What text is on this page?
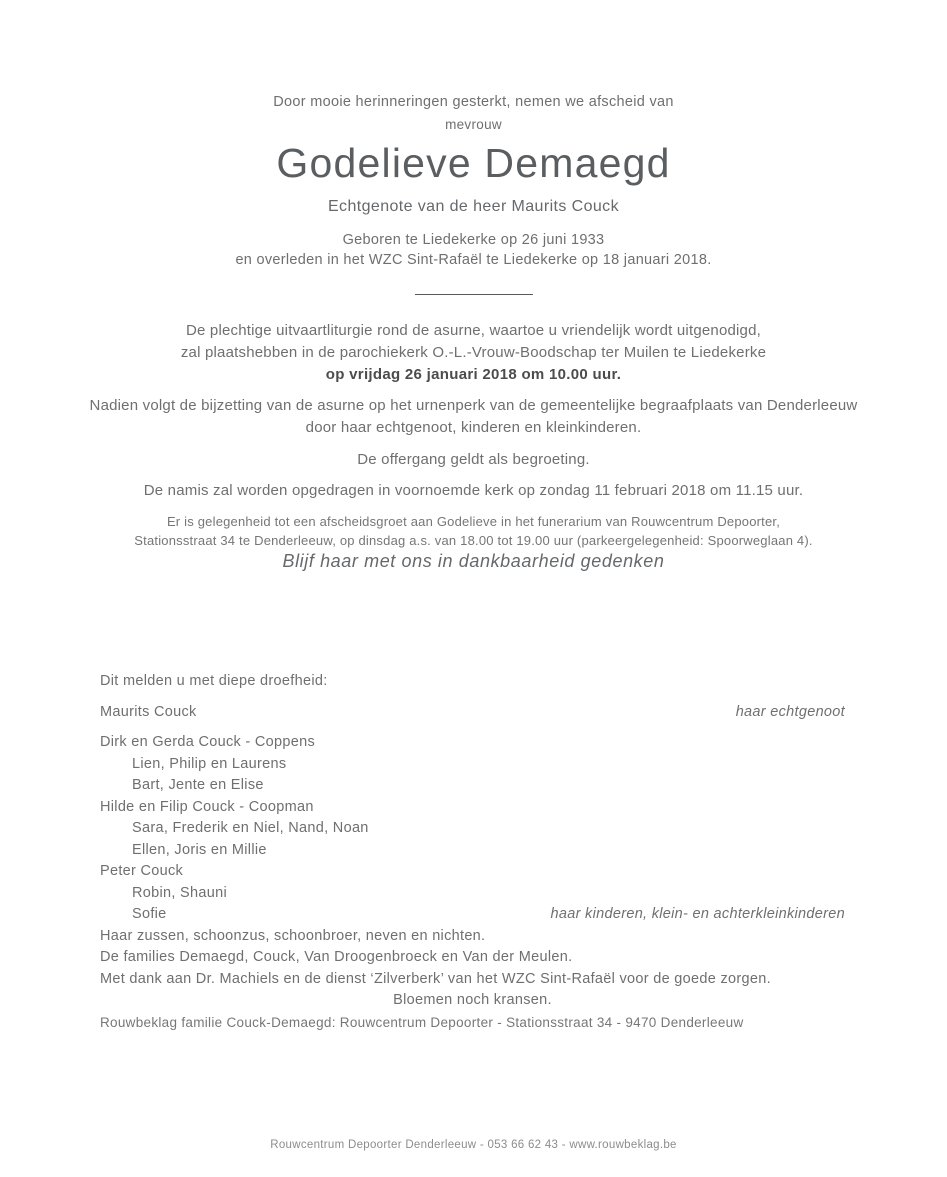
Door mooie herinneringen gesterkt, nemen we afscheid van
mevrouw
Godelieve Demaegd
Echtgenote van de heer Maurits Couck
Geboren te Liedekerke op 26 juni 1933
en overleden in het WZC Sint-Rafaël te Liedekerke op 18 januari 2018.

De plechtige uitvaartliturgie rond de asurne, waartoe u vriendelijk wordt uitgenodigd,
zal plaatshebben in de parochiekerk O.-L.-Vrouw-Boodschap ter Muilen te Liedekerke
op vrijdag 26 januari 2018 om 10.00 uur.

Nadien volgt de bijzetting van de asurne op het urnenperk van de gemeentelijke begraafplaats van Denderleeuw
door haar echtgenoot, kinderen en kleinkinderen.

De offergang geldt als begroeting.

De namis zal worden opgedragen in voornoemde kerk op zondag 11 februari 2018 om 11.15 uur.

Er is gelegenheid tot een afscheidsgroet aan Godelieve in het funerarium van Rouwcentrum Depoorter,
Stationsstraat 34 te Denderleeuw, op dinsdag a.s. van 18.00 tot 19.00 uur (parkeergelegenheid: Spoorweglaan 4).

Blijf haar met ons in dankbaarheid gedenken

Dit melden u met diepe droefheid:

Maurits Couck	haar echtgenoot
Dirk en Gerda Couck - Coppens
Lien, Philip en Laurens
Bart, Jente en Elise
Hilde en Filip Couck - Coopman
Sara, Frederik en Niel, Nand, Noan
Ellen, Joris en Millie
Peter Couck
Robin, Shauni
Sofie	haar kinderen, klein- en achterkleinkinderen

Haar zussen, schoonzus, schoonbroer, neven en nichten.

De families Demaegd, Couck, Van Droogenbroeck en Van der Meulen.

Met dank aan Dr. Machiels en de dienst ‘Zilverberk’ van het WZC Sint-Rafaël voor de goede zorgen.

Bloemen noch kransen.

Rouwbeklag familie Couck-Demaegd: Rouwcentrum Depoorter - Stationsstraat 34 - 9470 Denderleeuw

Rouwcentrum Depoorter Denderleeuw - 053 66 62 43 - www.rouwbeklag.be
